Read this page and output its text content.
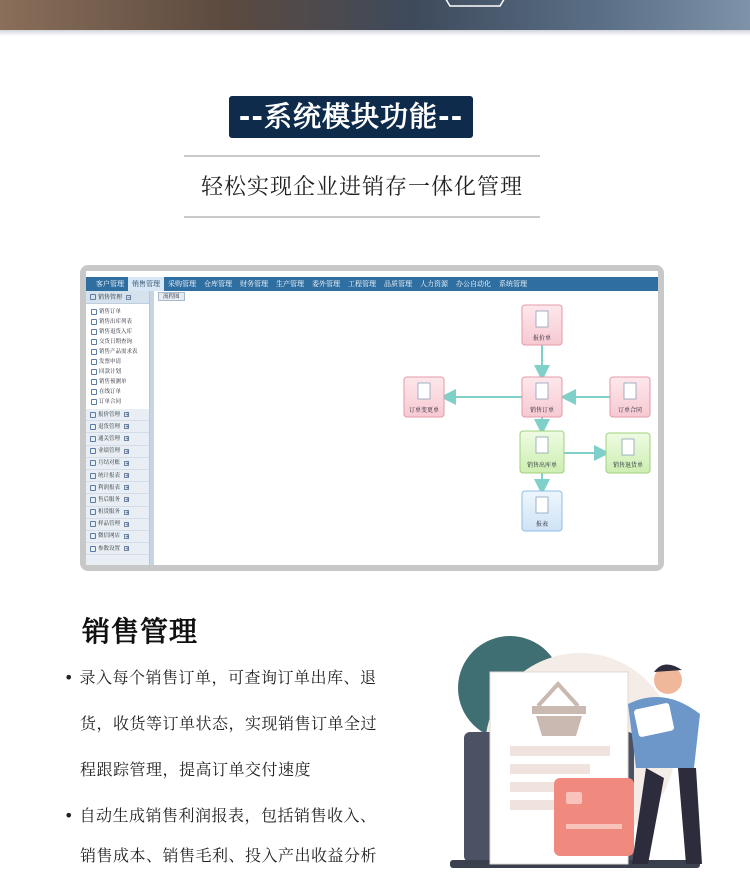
--系统模块功能--
轻松实现企业进销存一体化管理
客户管理	销售管理	采购管理	仓库管理	财务管理	生产管理	委外管理	工程管理	品质管理	人力资源	办公自动化	系统管理
销售管理 −
销售订单
销售出库列表
销售退货入库
交货日期查询
销售产品需求表
发票申请
回款计划
销售预测单
在线订单
订单合同
报价管理 +
退货管理 +
通关管理 +
业绩管理 +
月结对账 +
统计报表 +
利润报表 +
售后服务 +
租赁服务 +
样品管理 +
微信网店 +
参数设置 +
流程图
报价单
订单变更单	销售订单	订单合同
销售出库单	销售退货单
报表
销售管理
• 录入每个销售订单，可查询订单出库、退
货，收货等订单状态，实现销售订单全过
程跟踪管理，提高订单交付速度
• 自动生成销售利润报表，包括销售收入、
销售成本、销售毛利、投入产出收益分析
